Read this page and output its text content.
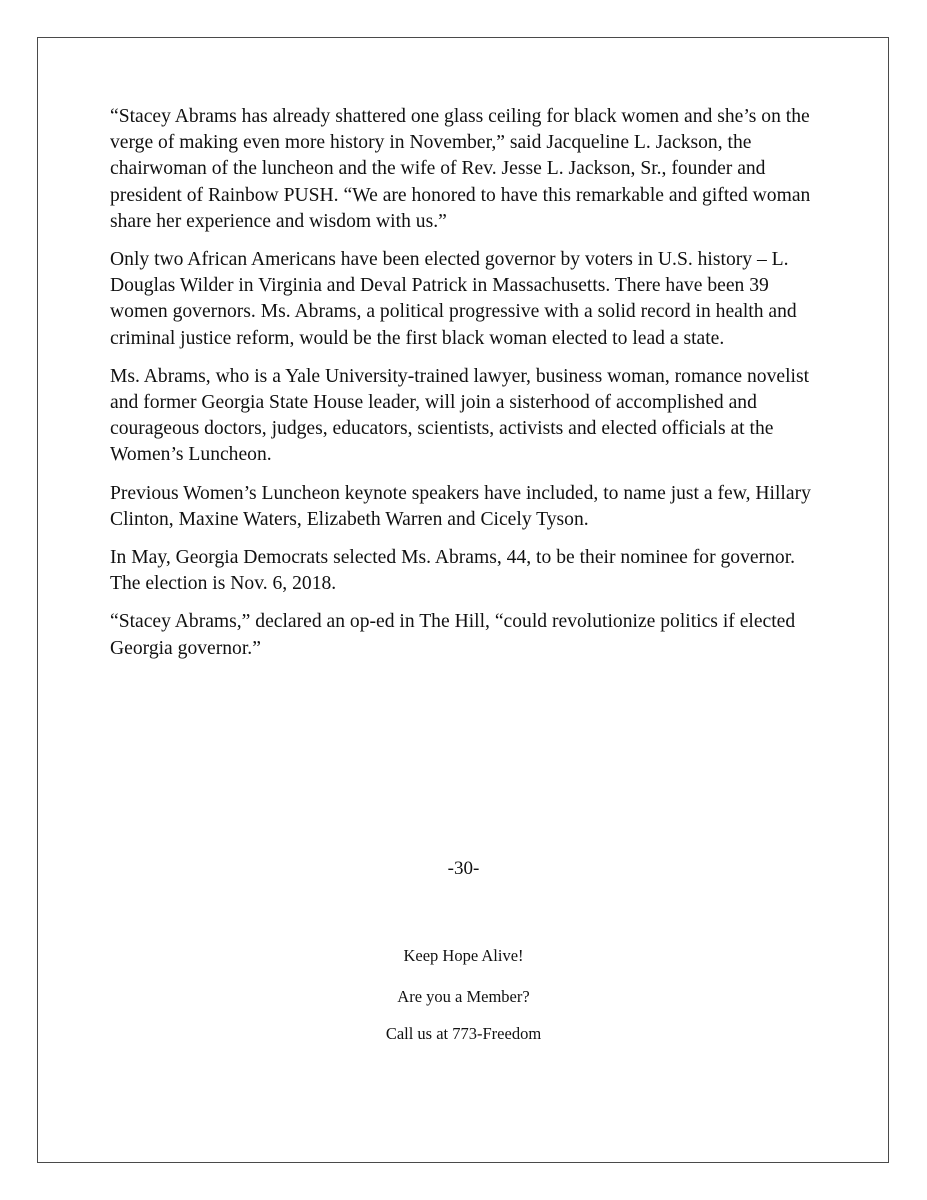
“Stacey Abrams has already shattered one glass ceiling for black women and she’s on the verge of making even more history in November,” said Jacqueline L. Jackson, the chairwoman of the luncheon and the wife of Rev. Jesse L. Jackson, Sr., founder and president of Rainbow PUSH. “We are honored to have this remarkable and gifted woman share her experience and wisdom with us.”

Only two African Americans have been elected governor by voters in U.S. history – L. Douglas Wilder in Virginia and Deval Patrick in Massachusetts. There have been 39 women governors. Ms. Abrams, a political progressive with a solid record in health and criminal justice reform, would be the first black woman elected to lead a state.

Ms. Abrams, who is a Yale University-trained lawyer, business woman, romance novelist and former Georgia State House leader, will join a sisterhood of accomplished and courageous doctors, judges, educators, scientists, activists and elected officials at the Women’s Luncheon.

Previous Women’s Luncheon keynote speakers have included, to name just a few, Hillary Clinton, Maxine Waters, Elizabeth Warren and Cicely Tyson.

In May, Georgia Democrats selected Ms. Abrams, 44, to be their nominee for governor. The election is Nov. 6, 2018.

“Stacey Abrams,” declared an op-ed in The Hill, “could revolutionize politics if elected Georgia governor.”

-30-
Keep Hope Alive!
Are you a Member?
Call us at 773-Freedom
